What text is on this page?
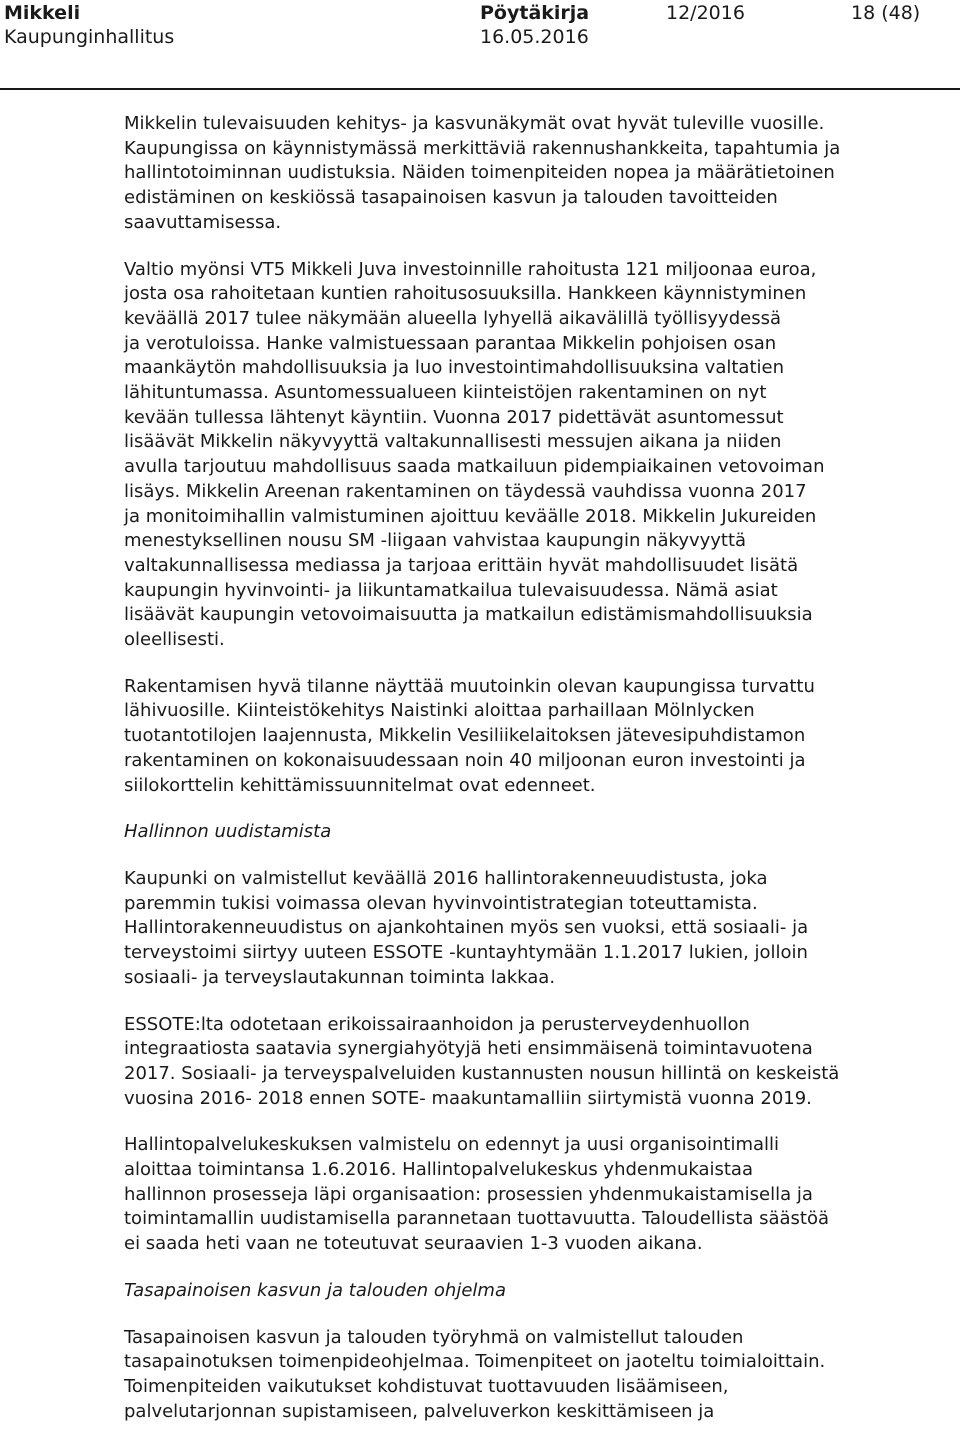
Mikkeli
Kaupunginhallitus
Pöytäkirja
16.05.2016
12/2016	18 (48)

Mikkelin tulevaisuuden kehitys- ja kasvunäkymät ovat hyvät tuleville vuosille.
Kaupungissa on käynnistymässä merkittäviä rakennushankkeita, tapahtumia ja
hallintotoiminnan uudistuksia. Näiden toimenpiteiden nopea ja määrätietoinen
edistäminen on keskiössä tasapainoisen kasvun ja talouden tavoitteiden
saavuttamisessa.

Valtio myönsi VT5 Mikkeli Juva investoinnille rahoitusta 121 miljoonaa euroa,
josta osa rahoitetaan kuntien rahoitusosuuksilla. Hankkeen käynnistyminen
keväällä 2017 tulee näkymään alueella lyhyellä aikavälillä työllisyydessä
ja verotuloissa. Hanke valmistuessaan parantaa Mikkelin pohjoisen osan
maankäytön mahdollisuuksia ja luo investointimahdollisuuksina valtatien
lähituntumassa. Asuntomessualueen kiinteistöjen rakentaminen on nyt
kevään tullessa lähtenyt käyntiin. Vuonna 2017 pidettävät asuntomessut
lisäävät Mikkelin näkyvyyttä valtakunnallisesti messujen aikana ja niiden
avulla tarjoutuu mahdollisuus saada matkailuun pidempiaikainen vetovoiman
lisäys. Mikkelin Areenan rakentaminen on täydessä vauhdissa vuonna 2017
ja monitoimihallin valmistuminen ajoittuu keväälle 2018. Mikkelin Jukureiden
menestyksellinen nousu SM -liigaan vahvistaa kaupungin näkyvyyttä
valtakunnallisessa mediassa ja tarjoaa erittäin hyvät mahdollisuudet lisätä
kaupungin hyvinvointi- ja liikuntamatkailua tulevaisuudessa. Nämä asiat
lisäävät kaupungin vetovoimaisuutta ja matkailun edistämismahdollisuuksia
oleellisesti.

Rakentamisen hyvä tilanne näyttää muutoinkin olevan kaupungissa turvattu
lähivuosille. Kiinteistökehitys Naistinki aloittaa parhaillaan Mölnlycken
tuotantotilojen laajennusta, Mikkelin Vesiliikelaitoksen jätevesipuhdistamon
rakentaminen on kokonaisuudessaan noin 40 miljoonan euron investointi ja
siilokorttelin kehittämissuunnitelmat ovat edenneet.

Hallinnon uudistamista

Kaupunki on valmistellut keväällä 2016 hallintorakenneuudistusta, joka
paremmin tukisi voimassa olevan hyvinvointistrategian toteuttamista.
Hallintorakenneuudistus on ajankohtainen myös sen vuoksi, että sosiaali- ja
terveystoimi siirtyy uuteen ESSOTE -kuntayhtymään 1.1.2017 lukien, jolloin
sosiaali- ja terveyslautakunnan toiminta lakkaa.

ESSOTE:lta odotetaan erikoissairaanhoidon ja perusterveydenhuollon
integraatiosta saatavia synergiahyötyjä heti ensimmäisenä toimintavuotena
2017. Sosiaali- ja terveyspalveluiden kustannusten nousun hillintä on keskeistä
vuosina 2016- 2018 ennen SOTE- maakuntamalliin siirtymistä vuonna 2019.

Hallintopalvelukeskuksen valmistelu on edennyt ja uusi organisointimalli
aloittaa toimintansa 1.6.2016. Hallintopalvelukeskus yhdenmukaistaa
hallinnon prosesseja läpi organisaation: prosessien yhdenmukaistamisella ja
toimintamallin uudistamisella parannetaan tuottavuutta. Taloudellista säästöä
ei saada heti vaan ne toteutuvat seuraavien 1-3 vuoden aikana.

Tasapainoisen kasvun ja talouden ohjelma

Tasapainoisen kasvun ja talouden työryhmä on valmistellut talouden
tasapainotuksen toimenpideohjelmaa. Toimenpiteet on jaoteltu toimialoittain.
Toimenpiteiden vaikutukset kohdistuvat tuottavuuden lisäämiseen,
palvelutarjonnan supistamiseen, palveluverkon keskittämiseen ja
